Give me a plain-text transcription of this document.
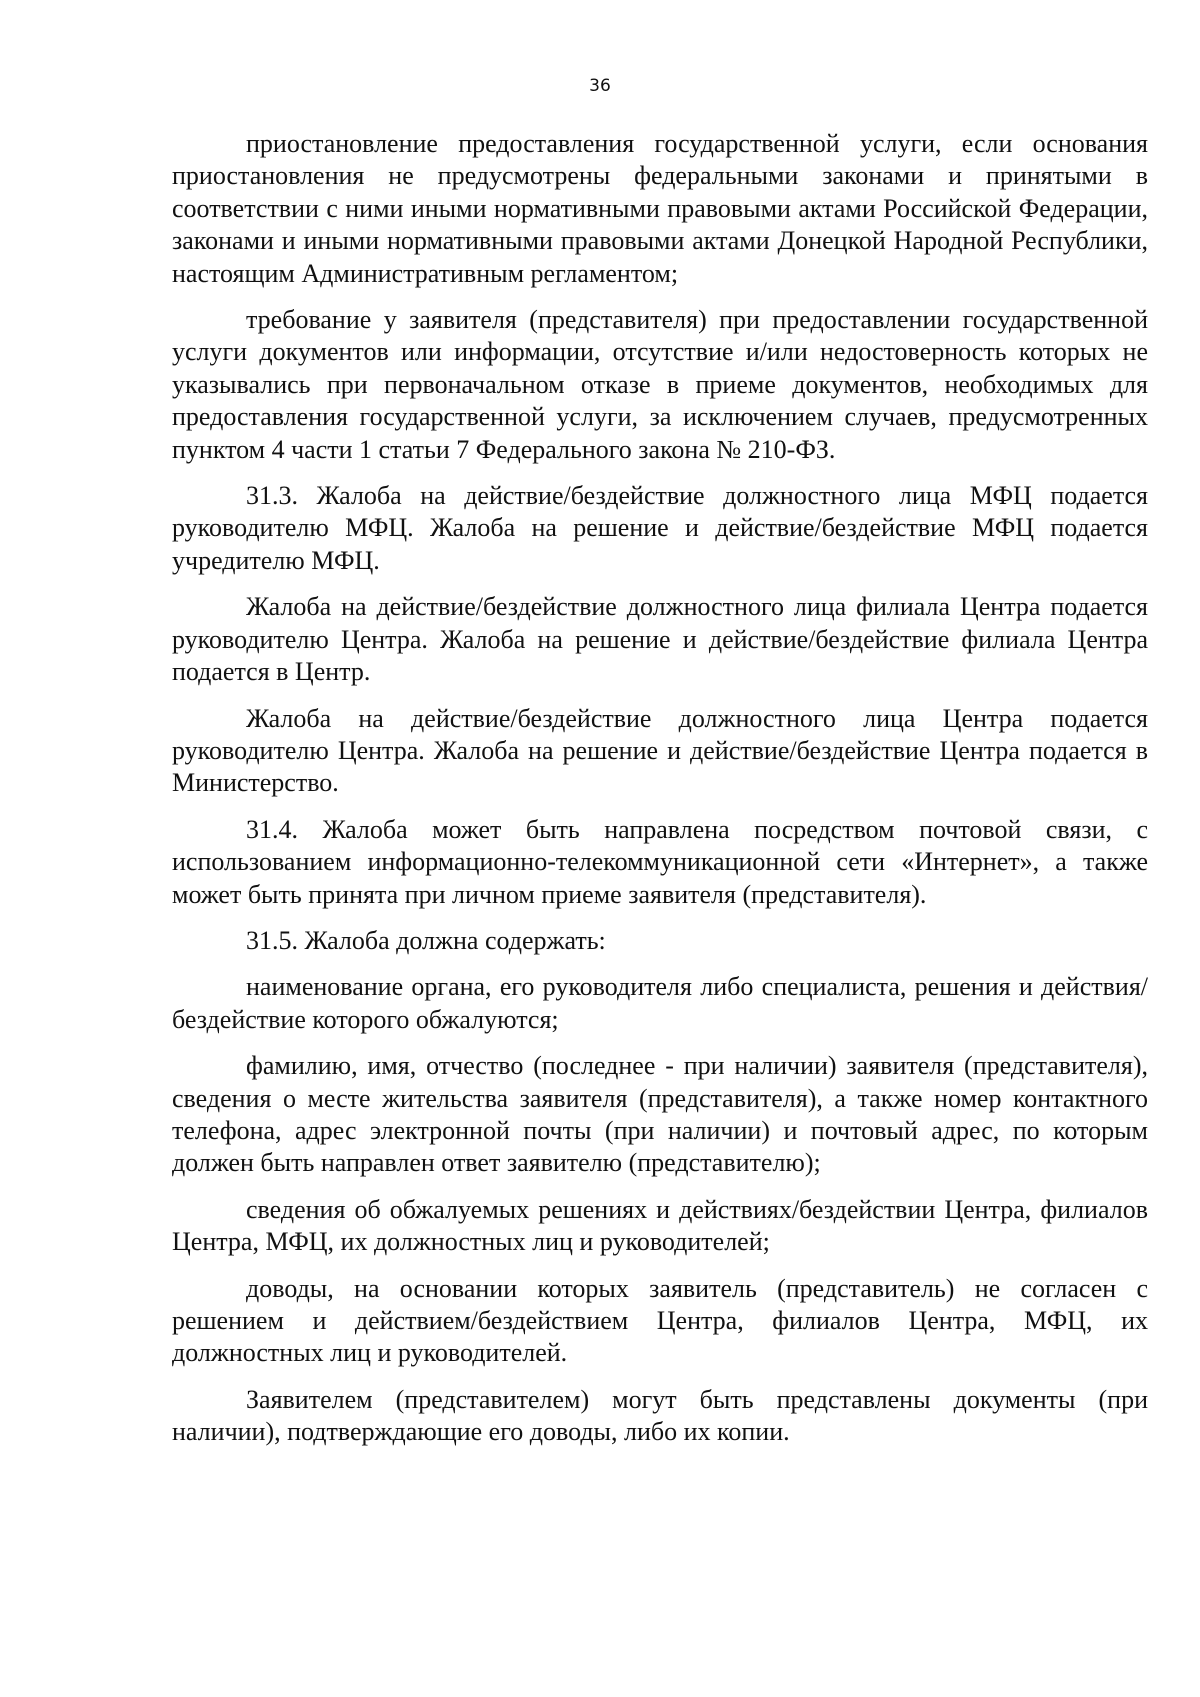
36

приостановление предоставления государственной услуги, если основания приостановления не предусмотрены федеральными законами и принятыми в соответствии с ними иными нормативными правовыми актами Российской Федерации, законами и иными нормативными правовыми актами Донецкой Народной Республики, настоящим Административным регламентом;

требование у заявителя (представителя) при предоставлении государственной услуги документов или информации, отсутствие и/или недостоверность которых не указывались при первоначальном отказе в приеме документов, необходимых для предоставления государственной услуги, за исключением случаев, предусмотренных пунктом 4 части 1 статьи 7 Федерального закона № 210-ФЗ.

31.3. Жалоба на действие/бездействие должностного лица МФЦ подается руководителю МФЦ. Жалоба на решение и действие/бездействие МФЦ подается учредителю МФЦ.

Жалоба на действие/бездействие должностного лица филиала Центра подается руководителю Центра. Жалоба на решение и действие/бездействие филиала Центра подается в Центр.

Жалоба на действие/бездействие должностного лица Центра подается руководителю Центра. Жалоба на решение и действие/бездействие Центра подается в Министерство.

31.4. Жалоба может быть направлена посредством почтовой связи, с использованием информационно-телекоммуникационной сети «Интернет», а также может быть принята при личном приеме заявителя (представителя).

31.5. Жалоба должна содержать:

наименование органа, его руководителя либо специалиста, решения и действия/бездействие которого обжалуются;

фамилию, имя, отчество (последнее - при наличии) заявителя (представителя), сведения о месте жительства заявителя (представителя), а также номер контактного телефона, адрес электронной почты (при наличии) и почтовый адрес, по которым должен быть направлен ответ заявителю (представителю);

сведения об обжалуемых решениях и действиях/бездействии Центра, филиалов Центра, МФЦ, их должностных лиц и руководителей;

доводы, на основании которых заявитель (представитель) не согласен с решением и действием/бездействием Центра, филиалов Центра, МФЦ, их должностных лиц и руководителей.

Заявителем (представителем) могут быть представлены документы (при наличии), подтверждающие его доводы, либо их копии.
